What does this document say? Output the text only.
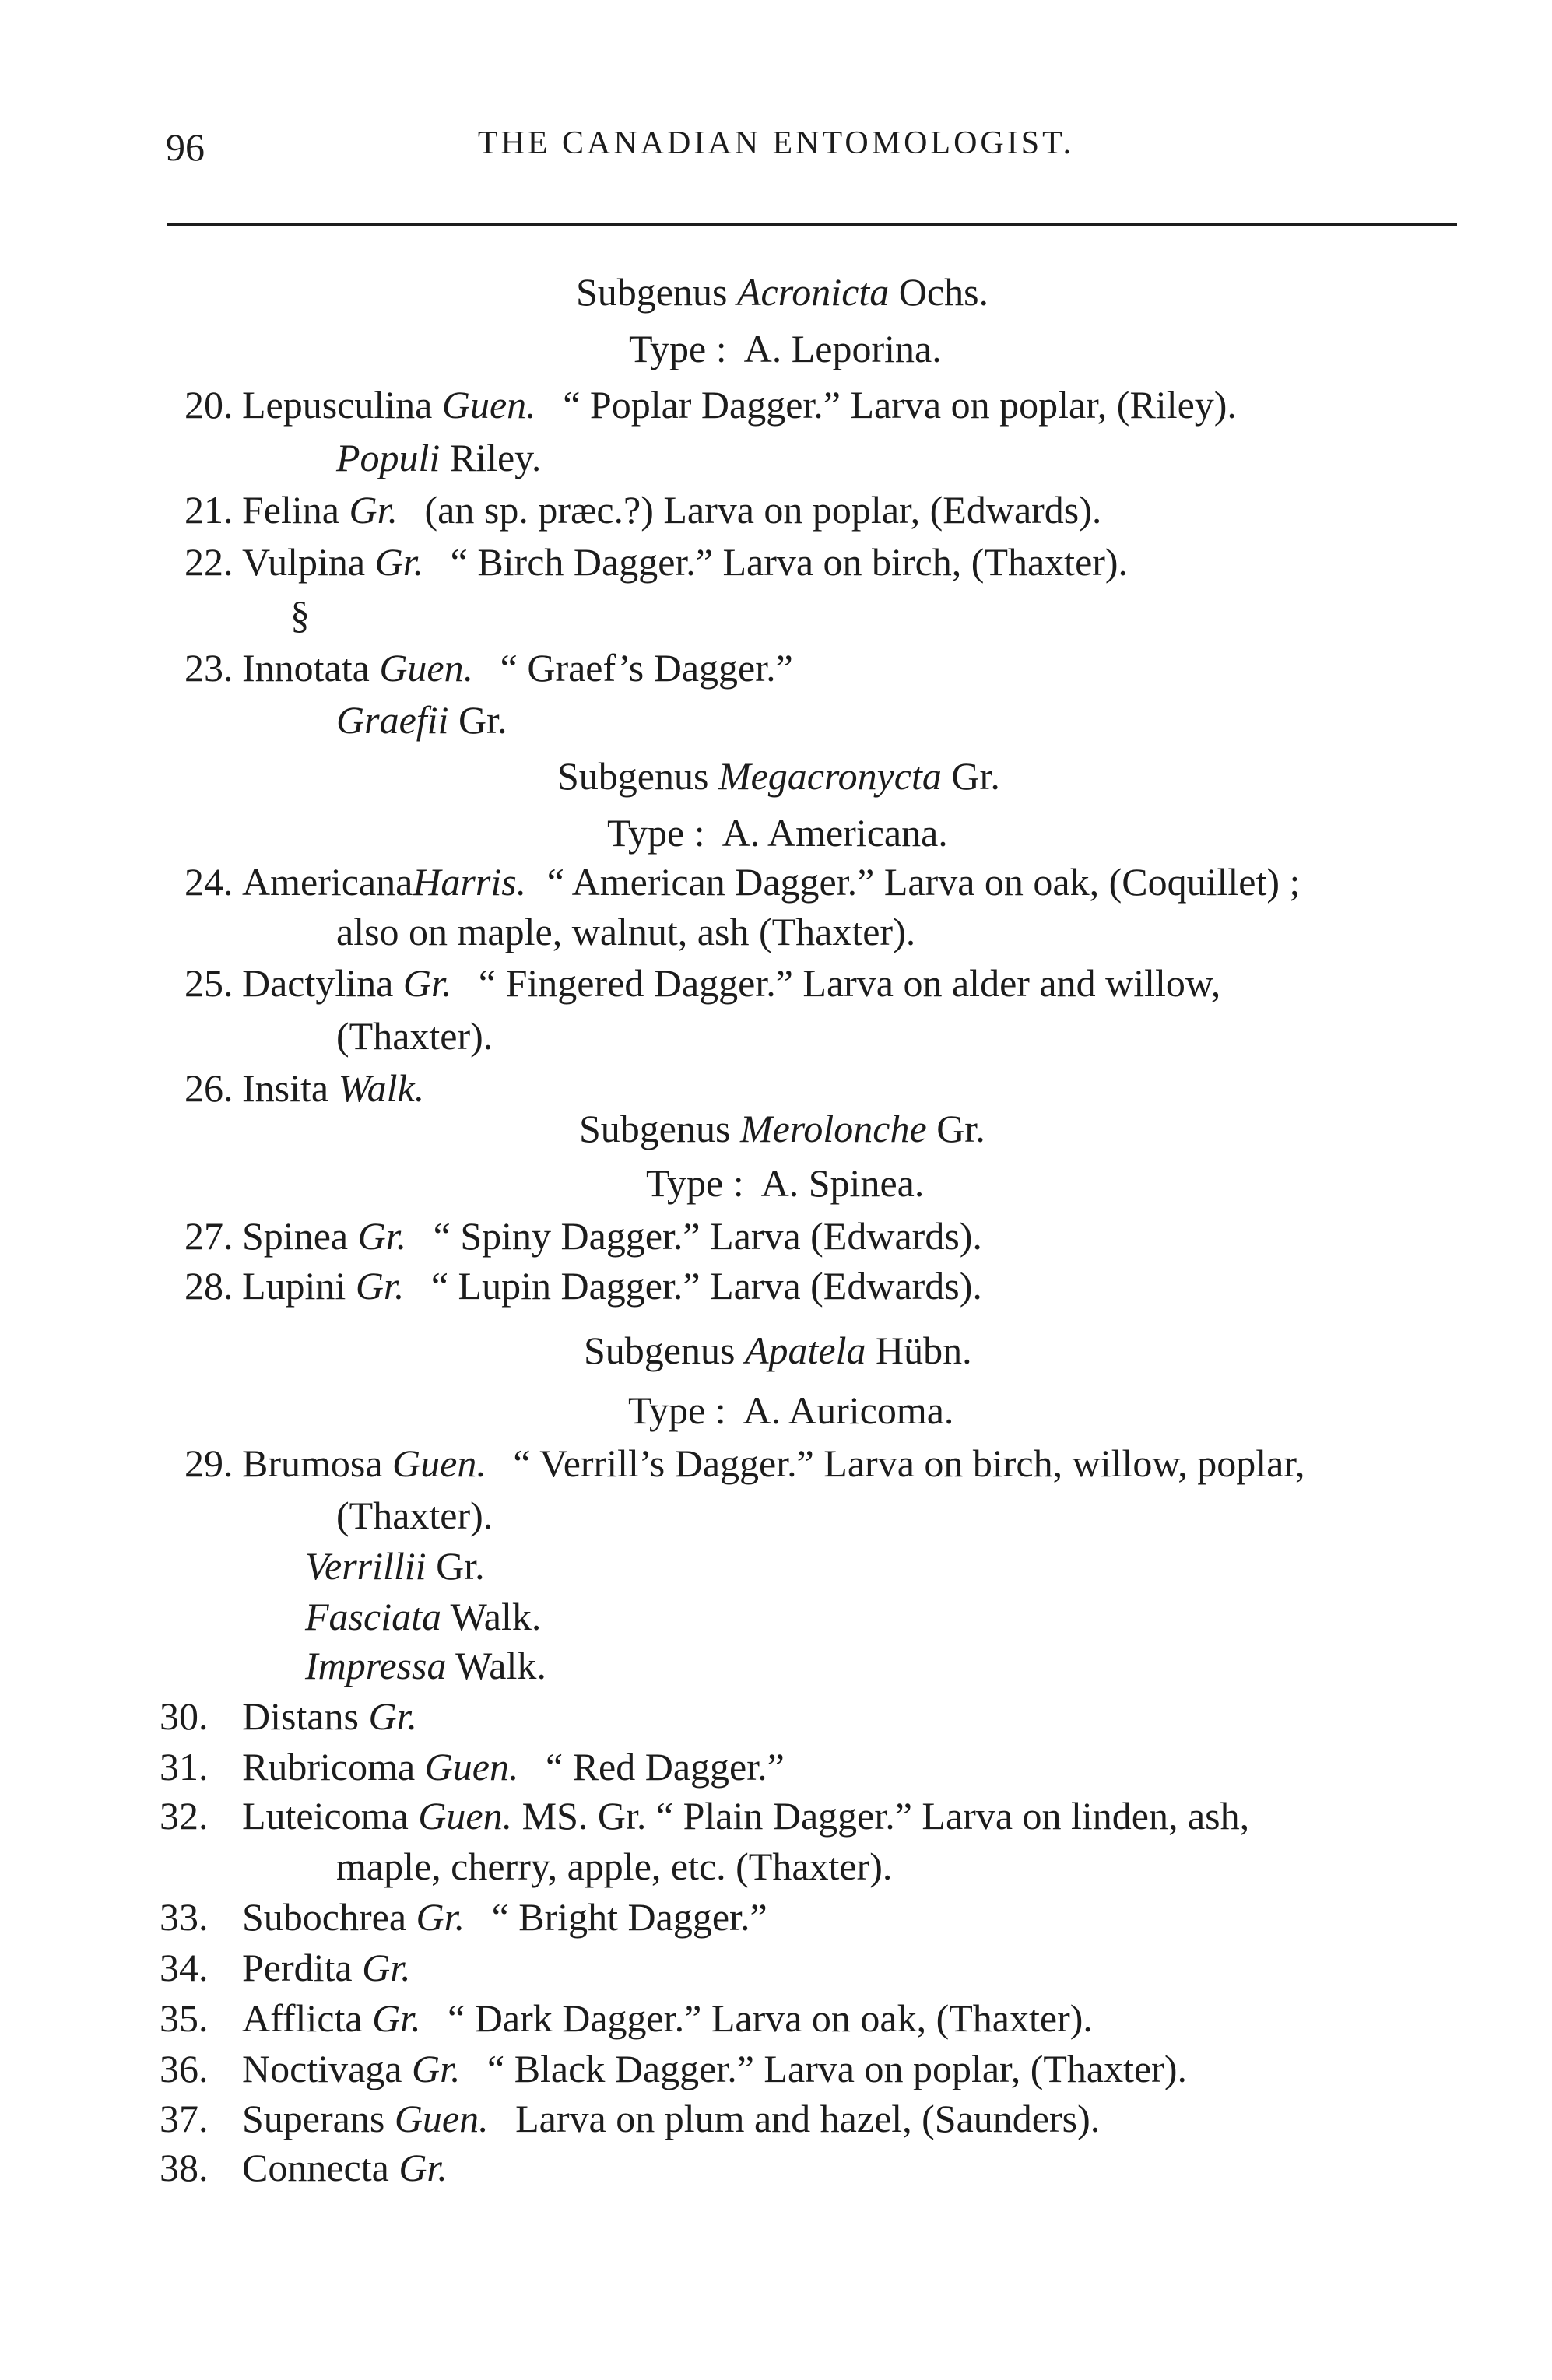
96	THE CANADIAN ENTOMOLOGIST.
Subgenus Acronicta Ochs.
Type : A. Leporina.
20. Lepusculina Guen. “ Poplar Dagger.” Larva on poplar, (Riley).
Populi Riley.
21. Felina Gr. (an sp. præc.?) Larva on poplar, (Edwards).
22. Vulpina Gr. “ Birch Dagger.” Larva on birch, (Thaxter).
§
23. Innotata Guen. “ Graef’s Dagger.”
Graefii Gr.
Subgenus Megacronycta Gr.
Type : A. Americana.
24. AmericanaHarris. “ American Dagger.” Larva on oak, (Coquillet) ;
also on maple, walnut, ash (Thaxter).
25. Dactylina Gr. “ Fingered Dagger.” Larva on alder and willow,
(Thaxter).
26. Insita Walk.
Subgenus Merolonche Gr.
Type : A. Spinea.
27. Spinea Gr. “ Spiny Dagger.” Larva (Edwards).
28. Lupini Gr. “ Lupin Dagger.” Larva (Edwards).
Subgenus Apatela Hübn.
Type : A. Auricoma.
29. Brumosa Guen. “ Verrill’s Dagger.” Larva on birch, willow, poplar,
(Thaxter).
Verrillii Gr.
Fasciata Walk.
Impressa Walk.
30. Distans Gr.
31. Rubricoma Guen. “ Red Dagger.”
32. Luteicoma Guen. MS. Gr. “ Plain Dagger.” Larva on linden, ash,
maple, cherry, apple, etc. (Thaxter).
33. Subochrea Gr. “ Bright Dagger.”
34. Perdita Gr.
35. Afflicta Gr. “ Dark Dagger.” Larva on oak, (Thaxter).
36. Noctivaga Gr. “ Black Dagger.” Larva on poplar, (Thaxter).
37. Superans Guen. Larva on plum and hazel, (Saunders).
38. Connecta Gr.
